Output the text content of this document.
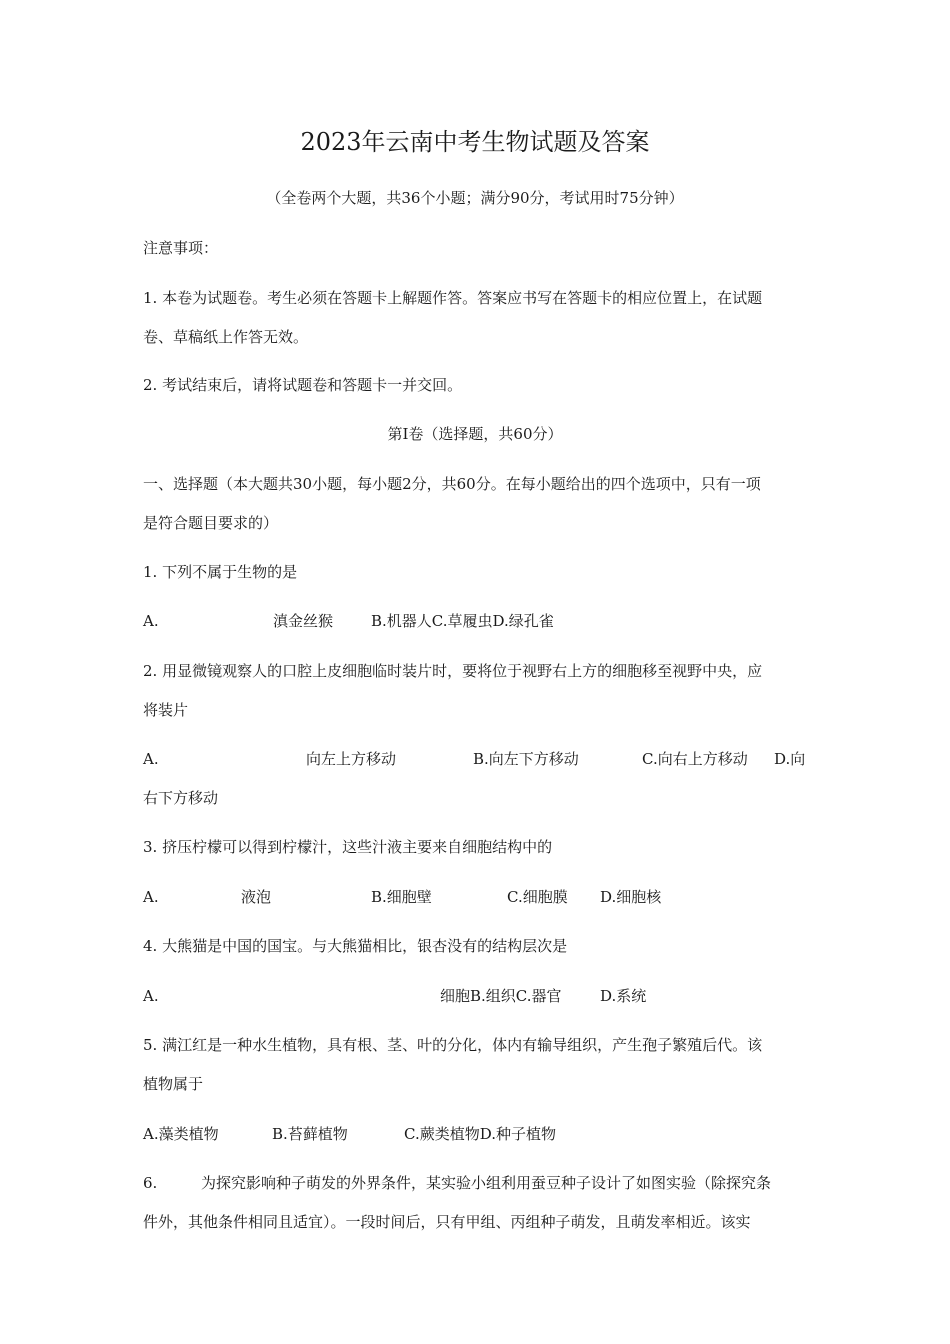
2023年云南中考生物试题及答案
（全卷两个大题，共36个小题；满分90分，考试用时75分钟）
注意事项：
1. 本卷为试题卷。考生必须在答题卡上解题作答。答案应书写在答题卡的相应位置上，在试题
卷、草稿纸上作答无效。
2. 考试结束后，请将试题卷和答题卡一并交回。
第I卷（选择题，共60分）
一、选择题（本大题共30小题，每小题2分，共60分。在每小题给出的四个选项中，只有一项
是符合题目要求的）
1. 下列不属于生物的是
A.	滇金丝猴	B.机器人C.草履虫D.绿孔雀
2. 用显微镜观察人的口腔上皮细胞临时装片时，要将位于视野右上方的细胞移至视野中央，应
将装片
A.	向左上方移动	B.向左下方移动	C.向右上方移动 D.向
右下方移动
3. 挤压柠檬可以得到柠檬汁，这些汁液主要来自细胞结构中的
A.	液泡	B.细胞壁	C.细胞膜 D.细胞核
4. 大熊猫是中国的国宝。与大熊猫相比，银杏没有的结构层次是
A.	细胞B.组织C.器官	D.系统
5. 满江红是一种水生植物，具有根、茎、叶的分化，体内有输导组织，产生孢子繁殖后代。该
植物属于
A.藻类植物	B.苔藓植物	C.蕨类植物D.种子植物
6.	为探究影响种子萌发的外界条件，某实验小组利用蚕豆种子设计了如图实验（除探究条
件外，其他条件相同且适宜）。一段时间后，只有甲组、丙组种子萌发，且萌发率相近。该实
